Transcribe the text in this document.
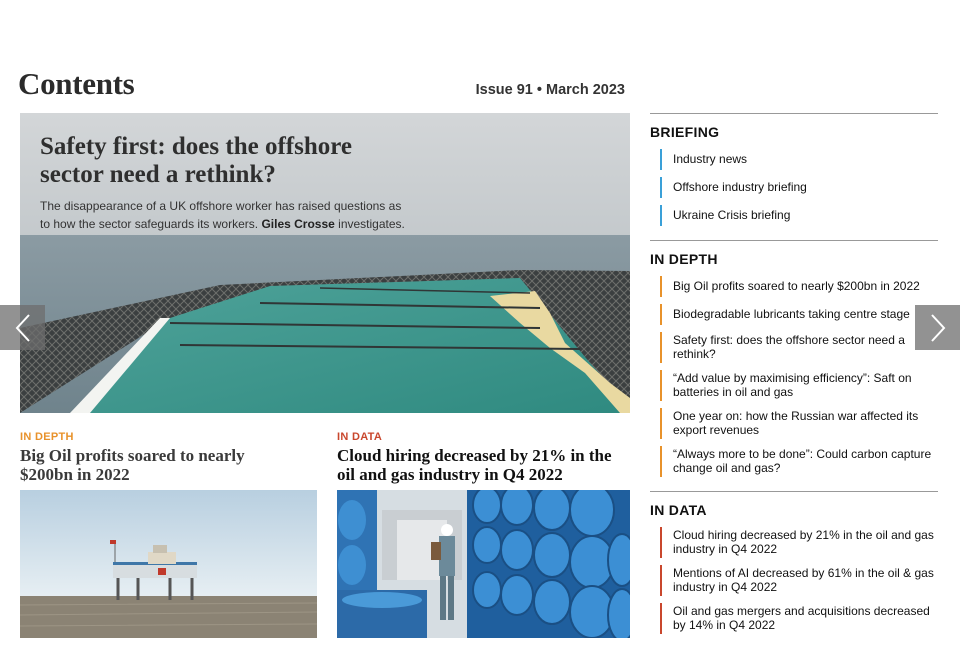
Contents	Issue 91 • March 2023
Safety first: does the offshore sector need a rethink?
The disappearance of a UK offshore worker has raised questions as to how the sector safeguards its workers. Giles Crosse investigates.
IN DEPTH
Big Oil profits soared to nearly $200bn in 2022
IN DATA
Cloud hiring decreased by 21% in the oil and gas industry in Q4 2022
BRIEFING
Industry news
Offshore industry briefing
Ukraine Crisis briefing
IN DEPTH
Big Oil profits soared to nearly $200bn in 2022
Biodegradable lubricants taking centre stage
Safety first: does the offshore sector need a rethink?
“Add value by maximising efficiency”: Saft on batteries in oil and gas
One year on: how the Russian war affected its export revenues
“Always more to be done”: Could carbon capture change oil and gas?
IN DATA
Cloud hiring decreased by 21% in the oil and gas industry in Q4 2022
Mentions of AI decreased by 61% in the oil & gas industry in Q4 2022
Oil and gas mergers and acquisitions decreased by 14% in Q4 2022
